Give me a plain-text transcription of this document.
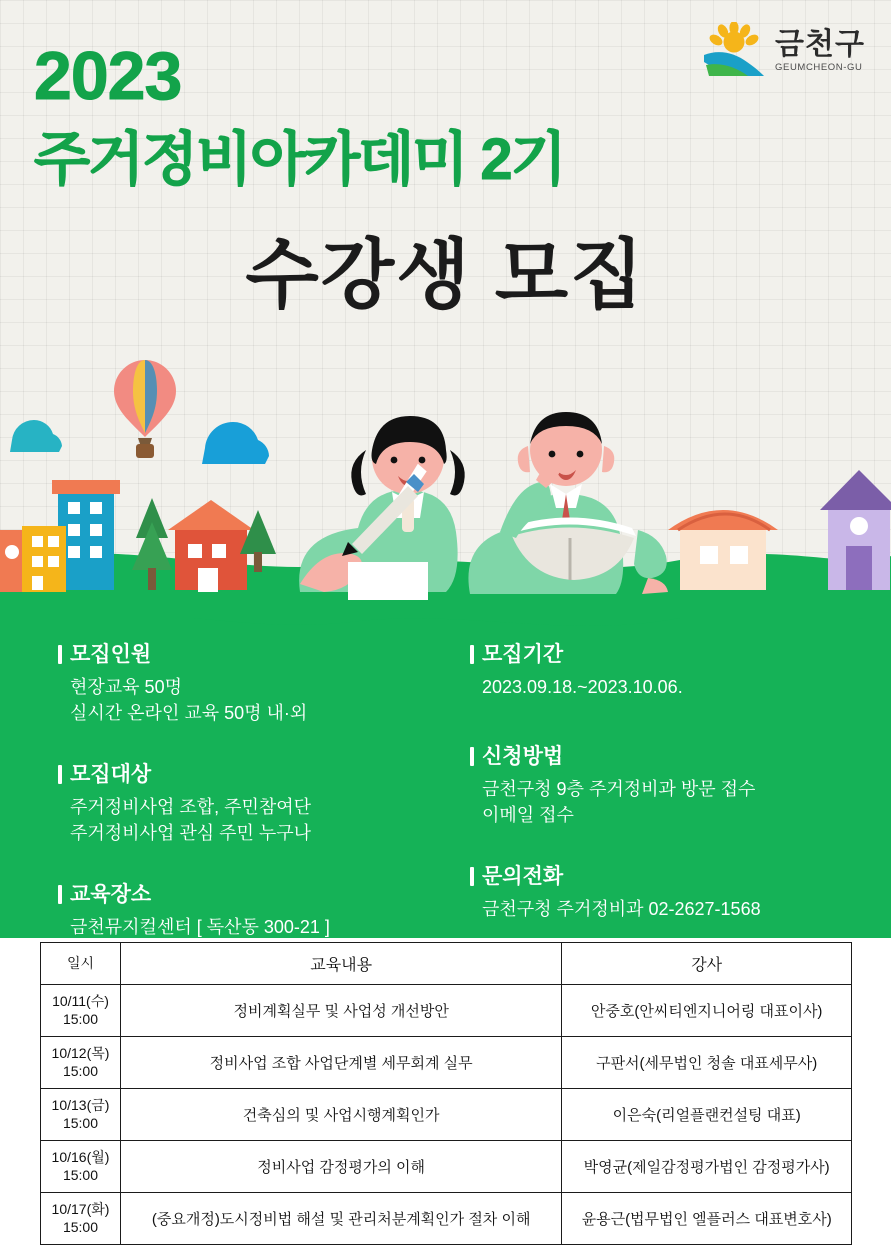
금천구
GEUMCHEON-GU
2023
주거정비아카데미 2기
수강생 모집
모집인원
현장교육 50명
실시간 온라인 교육 50명 내·외
모집대상
주거정비사업 조합, 주민참여단
주거정비사업 관심 주민 누구나
교육장소
금천뮤지컬센터 [ 독산동 300-21 ]
모집기간
2023.09.18.~2023.10.06.
신청방법
금천구청 9층 주거정비과 방문 접수
이메일 접수
문의전화
금천구청 주거정비과 02-2627-1568
일시	교육내용	강사

10/11(수)
15:00	정비계획실무 및 사업성 개선방안	안중호(안씨티엔지니어링 대표이사)

10/12(목)
15:00	정비사업 조합 사업단계별 세무회계 실무	구판서(세무법인 청솔 대표세무사)

10/13(금)
15:00	건축심의 및 사업시행계획인가	이은숙(리얼플랜컨설팅 대표)

10/16(월)
15:00	정비사업 감정평가의 이해	박영균(제일감정평가법인 감정평가사)

10/17(화)
15:00	(중요개정)도시정비법 해설 및 관리처분계획인가 절차 이해	윤용근(법무법인 엘플러스 대표변호사)
